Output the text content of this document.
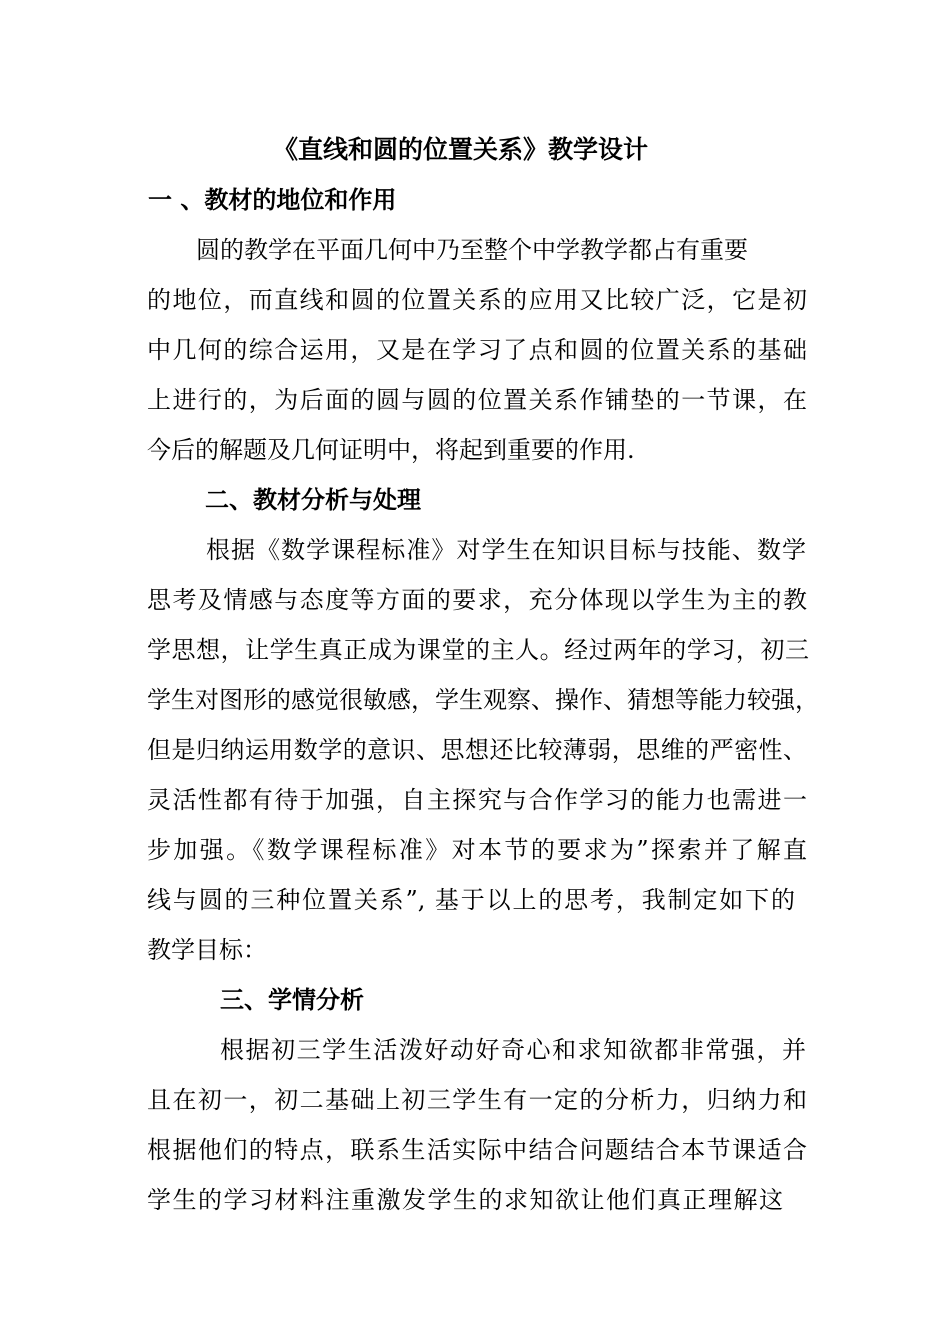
《直线和圆的位置关系》教学设计
一 、教材的地位和作用
圆的教学在平面几何中乃至整个中学教学都占有重要
的地位，而直线和圆的位置关系的应用又比较广泛，它是初
中几何的综合运用，又是在学习了点和圆的位置关系的基础
上进行的，为后面的圆与圆的位置关系作铺垫的一节课，在
今后的解题及几何证明中，将起到重要的作用.
二、教材分析与处理
根据《数学课程标准》对学生在知识目标与技能、数学
思考及情感与态度等方面的要求，充分体现以学生为主的教
学思想，让学生真正成为课堂的主人。经过两年的学习，初三
学生对图形的感觉很敏感，学生观察、操作、猜想等能力较强，
但是归纳运用数学的意识、思想还比较薄弱，思维的严密性、
灵活性都有待于加强，自主探究与合作学习的能力也需进一
步加强。《数学课程标准》对本节的要求为”探索并了解直
线与圆的三种位置关系”, 基于以上的思考，我制定如下的
教学目标：
三、学情分析
根据初三学生活泼好动好奇心和求知欲都非常强，并
且在初一，初二基础上初三学生有一定的分析力，归纳力和
根据他们的特点，联系生活实际中结合问题结合本节课适合
学生的学习材料注重激发学生的求知欲让他们真正理解这
